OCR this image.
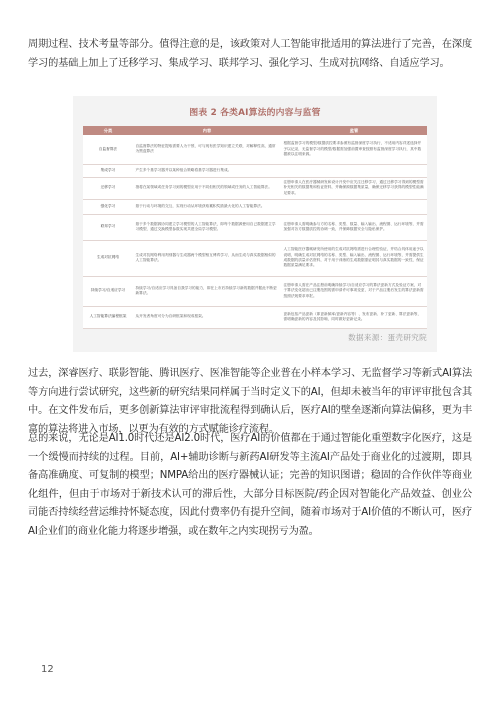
周期过程、技术考量等部分。值得注意的是，该政策对人工智能审批适用的算法进行了完善，在深度学习的基础上加上了迁移学习、集成学习、联邦学习、强化学习、生成对抗网络、自适应学习。

图表 2 各类AI算法的内容与监管
分类	内容	监管
自监督算法	自监督算法的特征提取需要人为干预，可与现有医学知识建立关联，对解释性高，通常为黑盒算法	根据监督学习的模型/数据质控要求参照有监督深度学习执行，不适用内容详述选择并予以记录，无监督学习的模型/数据需加强前置审查按照有监督深度学习执行，其中数据被以注明来源。
集成学习	产生多个基学习器并以某种组合策略将基学习器进行集成。	
迁移学习	指将在某领域或任务学习到的模型应用于不同但相关的领域或任务的人工智能算法。	注册申请人在医疗器械研发和设计开发中应关注迁移学习，通过迁移学习得到的模型需补充相关的数据集和验证资料，并确保源数据集质量，确保迁移学习获得的模型性能满足要求。
强化学习	基于行动与环境的交互，实现行动从环境获取累积奖励最大化的人工智能算法。	
联邦学习	基于多个数据源协同建立学习模型的人工智能算法，即每个数据源使用自己数据建立学习模型，通过交换模型参数实现共建全局学习模型。	注册申请人需明确参与方的名称、类型、数量、输入输出、流程图、运行环境等，并需加强对各方数据质控的协调一致，并保障数据安全与隐私保护。
生成对抗网络	生成对抗网络利用判别器与生成器两个模型相互博弈学习，从而生成与真实数据相似的人工智能算法。	人工智能医疗器械研发所使用的生成对抗网络需进行合理性验证，并结合具体用途予以说明，明确生成对抗网络的名称、类型、输入输出、流程图、运行环境等，并需提供生成数据的质量评估资料，对于用于训练的生成数据需证明其与真实数据的一致性，保证数据质量满足要求。
持续学习/自适应学习	持续学习/自适应学习具备自我学习的能力，即在上市后持续学习新的数据并据此不断更新算法。	注册申请人需在产品注册前明确持续学习/自适应学习的算法更新方式及验证方案，对于算法变化超出已注册范围的需申请许可事项变更，对于产品注册后发生的算法更新需按照法规要求申报。
人工智能算法编程框架	从开发者角度可分为自研框架和现成框架。	更新包括产品更新（即更新频率/更新内容等）、发布更新、补丁更新、算法更新等，需明确更新的内容及其影响，同时做好更新记录。
数据来源：蛋壳研究院

过去，深睿医疗、联影智能、腾讯医疗、医准智能等企业普在小样本学习、无监督学习等新式AI算法等方向进行尝试研究，这些新的研究结果同样属于当时定义下的AI，但却未被当年的审评审批包含其中。在文件发布后，更多创新算法审评审批流程得到确认后，医疗AI的壁垒逐渐向算法偏移，更为丰富的算法将进入市场，以更为有效的方式赋能诊疗流程。

总的来说，无论是AI1.0时代还是AI2.0时代，医疗AI的价值都在于通过智能化重塑数字化医疗，这是一个缓慢而持续的过程。目前，AI+辅助诊断与新药AI研发等主流AI产品处于商业化的过渡期，即具备高准确度、可复制的模型；NMPA给出的医疗器械认证；完善的知识图谱；稳固的合作伙伴等商业化组件，但由于市场对于新技术认可的滞后性，大部分目标医院/药企因对智能化产品效益、创业公司能否持续经营运维持怀疑态度，因此付费率仍有提升空间，随着市场对于AI价值的不断认可，医疗AI企业们的商业化能力将逐步增强，或在数年之内实现拐亏为盈。

12
